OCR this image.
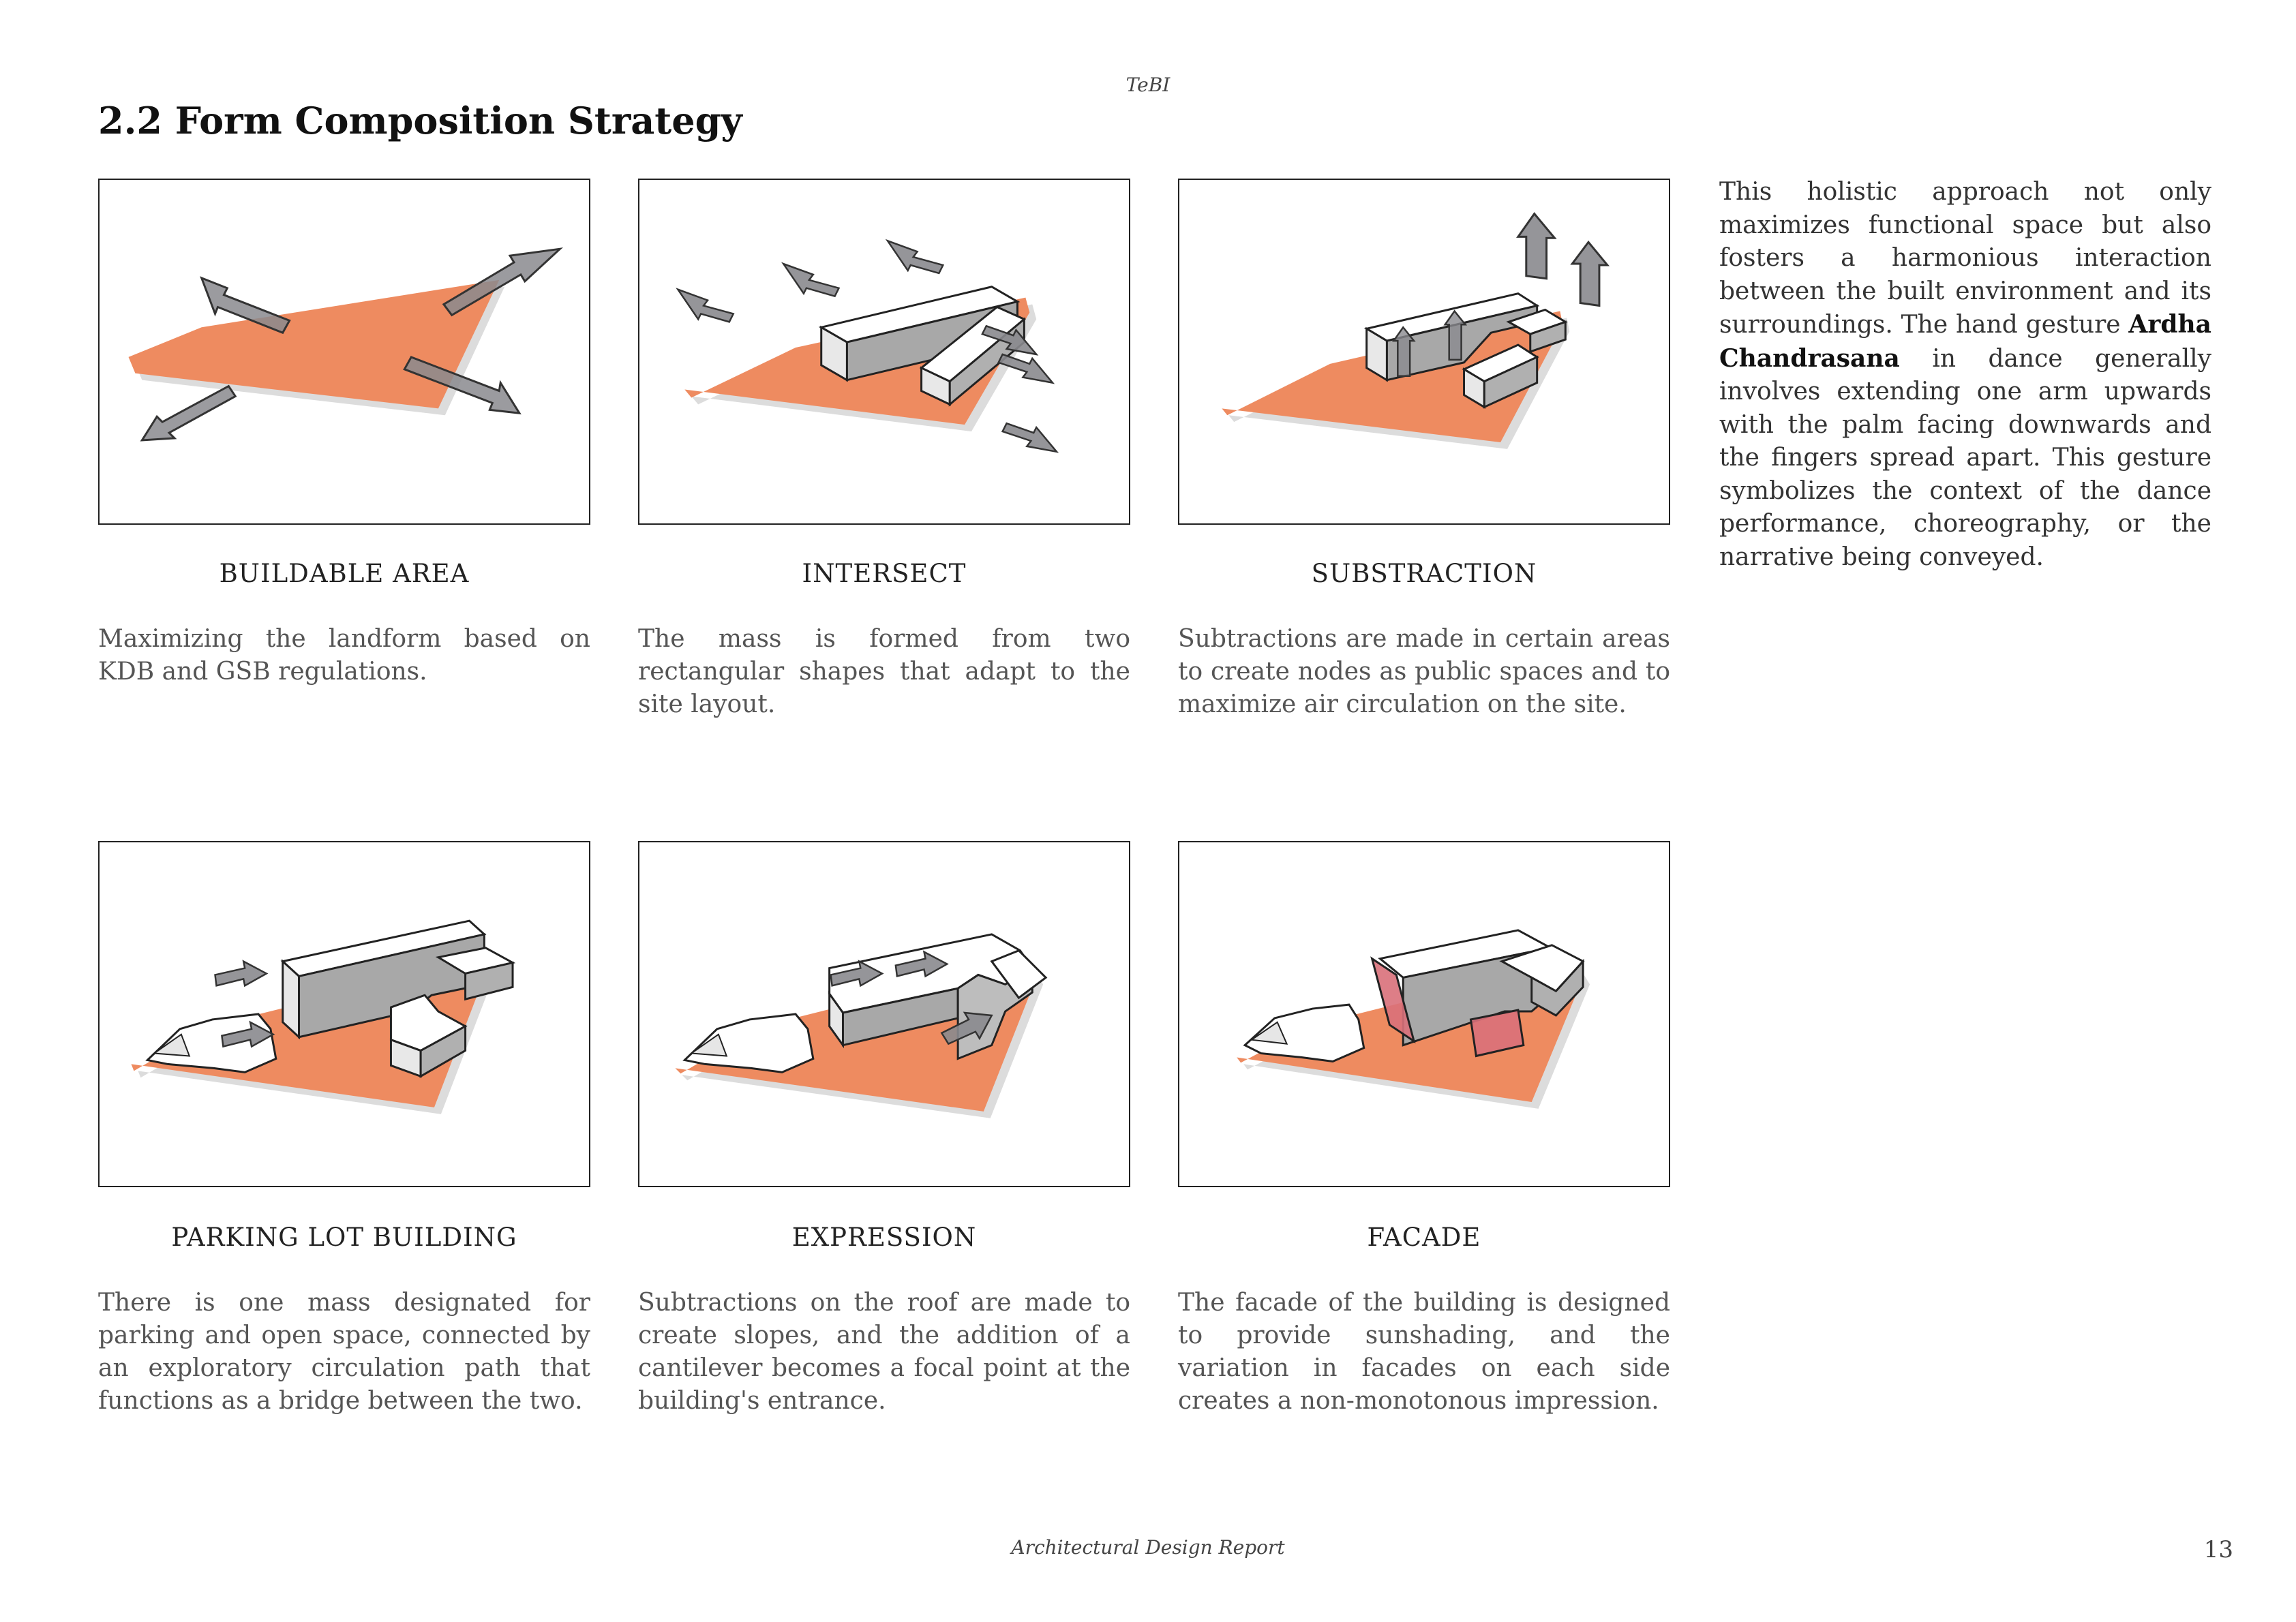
TeBI
2.2 Form Composition Strategy
BUILDABLE AREA

Maximizing the landform based on KDB and GSB regulations.

INTERSECT

The mass is formed from two rectangular shapes that adapt to the site layout.

SUBSTRACTION

Subtractions are made in certain areas to create nodes as public spaces and to maximize air circulation on the site.

PARKING LOT BUILDING

There is one mass designated for parking and open space, connected by an exploratory circulation path that functions as a bridge between the two.

EXPRESSION

Subtractions on the roof are made to create slopes, and the addition of a cantilever becomes a focal point at the building's entrance.

FACADE

The facade of the building is designed to provide sunshading, and the variation in facades on each side creates a non-monotonous impression.

This holistic approach not only maximizes functional space but also fosters a harmonious interaction between the built environment and its surroundings. The hand gesture Ardha Chandrasana in dance generally involves extending one arm upwards with the palm facing downwards and the fingers spread apart. This gesture symbolizes the context of the dance performance, choreography, or the narrative being conveyed.

Architectural Design Report	13
